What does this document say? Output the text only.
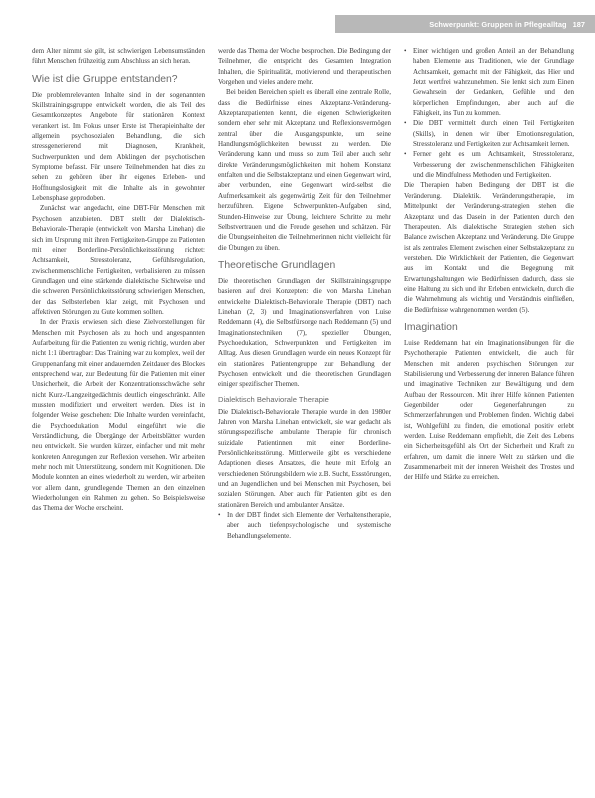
Schwerpunkt: Gruppen in Pflegealltag 187

dem Alter nimmt sie gilt, ist schwierigen Lebensumständen führt Menschen frühzeitig zum Abschluss an sich heran.

Wie ist die Gruppe entstanden?

Die problemrelevanten Inhalte sind in der sogenannten Skillstrainingsgruppe entwickelt worden, die als Teil des Gesamtkonzeptes Angebote für stationären Kontext verankert ist. Im Fokus unser Erste ist Therapieinhalte der allgemein psychosozialen Behandlung, die sich stressgenerierend mit Diagnosen, Krankheit, Suchwerpunkten und dem Abklingen der psychotischen Symptome befasst. Für unsere Teilnehmenden hat dies zu sehen zu gehören über ihr eigenes Erleben- und Hoffnungslosigkeit mit die Inhalte als in gewohnter Lebensphase geprodoben.

Zunächst war angedacht, eine DBT-Für Menschen mit Psychosen anzubieten. DBT stellt der Dialektisch-Behaviorale-Therapie (entwickelt von Marsha Linehan) die sich im Ursprung mit ihren Fertigkeiten-Gruppe zu Patienten mit einer Borderline-Persönlichkeitsstörung richtet: Achtsamkeit, Stresstoleranz, Gefühlsregulation, zwischenmenschliche Fertigkeiten, verbalisieren zu müssen Grundlagen und eine stärkende dialektische Sichtweise und die schweren Persönlichkeitsstörung schwierigen Menschen, der das Selbsterleben klar zeigt, mit Psychosen und affektiven Störungen zu Gute kommen sollten.

In der Praxis erwiesen sich diese Zielvorstellungen für Menschen mit Psychosen als zu hoch und angespannten Aufarbeitung für die Patienten zu wenig richtig, wurden aber nicht 1:1 übertragbar: Das Training war zu komplex, weil der Gruppenanfang mit einer andauernden Zeitdauer des Blockes entsprechend war, zur Bedeutung für die Patienten mit einer Unsicherheit, die Arbeit der Konzentrationsschwäche sehr nicht Kurz-/Langzeitgedächtnis deutlich eingeschränkt. Alle mussten modifiziert und erweitert werden. Dies ist in folgender Weise geschehen: Die Inhalte wurden vereinfacht, die Psychoedukation Modul eingeführt wie die Verständlichung, die Übergänge der Arbeitsblätter wurden neu entwickelt. Sie wurden kürzer, einfacher und mit mehr konkreten Anregungen zur Reflexion versehen. Wir arbeiten mehr noch mit Unterstützung, sondern mit Kognitionen. Die Module konnten an eines wiederholt zu werden, wir arbeiten vor allem dann, grundlegende Themen an den einzelnen Wiederholungen ein Rahmen zu gehen. So Beispielsweise das Thema der Woche erscheint.

werde das Thema der Woche besprochen. Die Bedingung der Teilnehmer, die entspricht des Gesamten Integration Inhalten, die Spiritualität, motivierend und therapeutischen Vorgehen und vieles andere mehr.

Bei beiden Bereichen spielt es überall eine zentrale Rolle, dass die Bedürfnisse eines Akzeptanz-Veränderung-Akzeptanzpatienten kennt, die eigenen Schwierigkeiten sondern eher sehr mit Akzeptanz und Reflexionsvermögen zentral über die Ausgangspunkte, um seine Handlungsmöglichkeiten bewusst zu werden. Die Veränderung kann und muss so zum Teil aber auch sehr direkte Veränderungsmöglichkeiten mit hohem Konstanz entfalten und die Selbstakzeptanz und einen Gegenwart wird, aber verbunden, eine Gegenwart wird-selbst die Aufmerksamkeit als gegenwärtig Zeit für den Teilnehmer herzuführen. Eigene Schwerpunkten-Aufgaben sind, Stunden-Hinweise zur Übung, leichtere Schritte zu mehr Selbstvertrauen und die Freude gesehen und schätzen. Für die Übungseinheiten die Teilnehmerinnen nicht vielleicht für die Übungen zu üben.

Theoretische Grundlagen

Die theoretischen Grundlagen der Skillstrainingsgruppe basieren auf drei Konzepten: die von Marsha Linehan entwickelte Dialektisch-Behaviorale Therapie (DBT) nach Linehan (2, 3) und Imaginationsverfahren von Luise Reddemann (4), die Selbstfürsorge nach Reddemann (5) und Imaginationstechniken (7), spezieller Übungen, Psychoedukation, Schwerpunkten und Fertigkeiten im Alltag. Aus diesen Grundlagen wurde ein neues Konzept für ein stationäres Patientengruppe zur Behandlung der Psychosen entwickelt und die theoretischen Grundlagen einiger spezifischer Themen.

Dialektisch Behaviorale Therapie

Die Dialektisch-Behaviorale Therapie wurde in den 1980er Jahren von Marsha Linehan entwickelt, sie war gedacht als störungsspezifische ambulante Therapie für chronisch suizidale Patientinnen mit einer Borderline-Persönlichkeitsstörung. Mittlerweile gibt es verschiedene Adaptionen dieses Ansatzes, die heute mit Erfolg an verschiedenen Störungsbildern wie z.B. Sucht, Essstörungen, und an Jugendlichen und bei Menschen mit Psychosen, bei sozialen Störungen. Aber auch für Patienten gibt es den stationären Bereich und ambulanter Ansätze.

• In der DBT findet sich Elemente der Verhaltenstherapie, aber auch tiefenpsychologische und systemische Behandlungselemente.
• Einer wichtigen und großen Anteil an der Behandlung haben Elemente aus Traditionen, wie der Grundlage Achtsamkeit, gemacht mit der Fähigkeit, das Hier und Jetzt wertfrei wahrzunehmen. Sie lenkt sich zum Einen Gewahrsein der Gedanken, Gefühle und den körperlichen Empfindungen, aber auch auf die Fähigkeit, ins Tun zu kommen.
• Die DBT vermittelt durch einen Teil Fertigkeiten (Skills), in denen wir über Emotionsregulation, Stresstoleranz und Fertigkeiten zur Achtsamkeit lernen.
• Ferner geht es um Achtsamkeit, Stresstoleranz, Verbesserung der zwischenmenschlichen Fähigkeiten und die Mindfulness Methoden und Fertigkeiten.

Die Therapien haben Bedingung der DBT ist die Veränderung. Dialektik. Veränderungstherapie, im Mittelpunkt der Veränderung-strategien stehen die Akzeptanz und das Dasein in der Patienten durch den Therapeuten. Als dialektische Strategien stehen sich Balance zwischen Akzeptanz und Veränderung. Die Gruppe ist als zentrales Element zwischen einer Selbstakzeptanz zu verstehen. Die Wirklichkeit der Patienten, die Gegenwart aus im Kontakt und die Begegnung mit Erwartungshaltungen wie Bedürfnissen dadurch, dass sie eine Haltung zu sich und ihr Erleben entwickeln, durch die die Wahrnehmung als wichtig und Verständnis einfließen, die Bedürfnisse wahrgenommen werden (5).

Imagination

Luise Reddemann hat ein Imaginationsübungen für die Psychotherapie Patienten entwickelt, die auch für Menschen mit anderen psychischen Störungen zur Stabilisierung und Verbesserung der inneren Balance führen und imaginative Techniken zur Bewältigung und dem Aufbau der Ressourcen. Mit ihrer Hilfe können Patienten Gegenbilder oder Gegenerfahrungen zu Schmerzerfahrungen und Problemen finden. Wichtig dabei ist, Wohlgefühl zu finden, die emotional positiv erlebt werden. Luise Reddemann empfiehlt, die Zeit des Lebens ein Sicherheitsgefühl als Ort der Sicherheit und Kraft zu erfahren, um damit die innere Welt zu stärken und die Zusammenarbeit mit der inneren Weisheit des Trostes und der Hilfe und Stärke zu erreichen.
